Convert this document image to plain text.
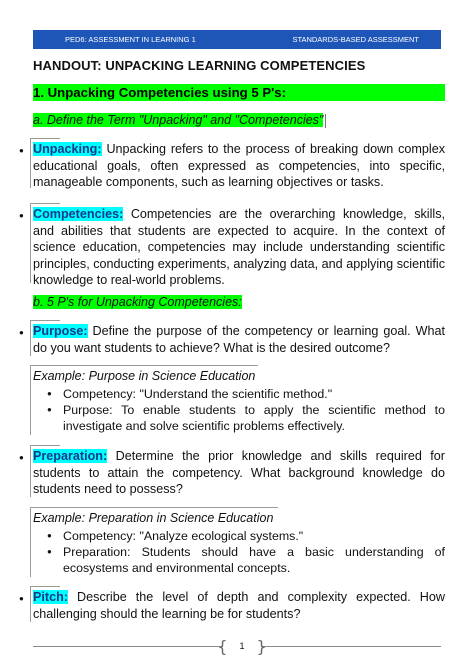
PED6: ASSESSMENT IN LEARNING 1	STANDARDS-BASED ASSESSMENT
HANDOUT: UNPACKING LEARNING COMPETENCIES
1. Unpacking Competencies using 5 P's:
a. Define the Term "Unpacking" and "Competencies"
● Unpacking: Unpacking refers to the process of breaking down complex educational goals, often expressed as competencies, into specific, manageable components, such as learning objectives or tasks.
● Competencies: Competencies are the overarching knowledge, skills, and abilities that students are expected to acquire. In the context of science education, competencies may include understanding scientific principles, conducting experiments, analyzing data, and applying scientific knowledge to real-world problems.
b. 5 P's for Unpacking Competencies:
● Purpose: Define the purpose of the competency or learning goal. What do you want students to achieve? What is the desired outcome?
Example: Purpose in Science Education
● Competency: "Understand the scientific method."
● Purpose: To enable students to apply the scientific method to investigate and solve scientific problems effectively.
● Preparation: Determine the prior knowledge and skills required for students to attain the competency. What background knowledge do students need to possess?
Example: Preparation in Science Education
● Competency: "Analyze ecological systems."
● Preparation: Students should have a basic understanding of ecosystems and environmental concepts.
● Pitch: Describe the level of depth and complexity expected. How challenging should the learning be for students?
{ 1 }
